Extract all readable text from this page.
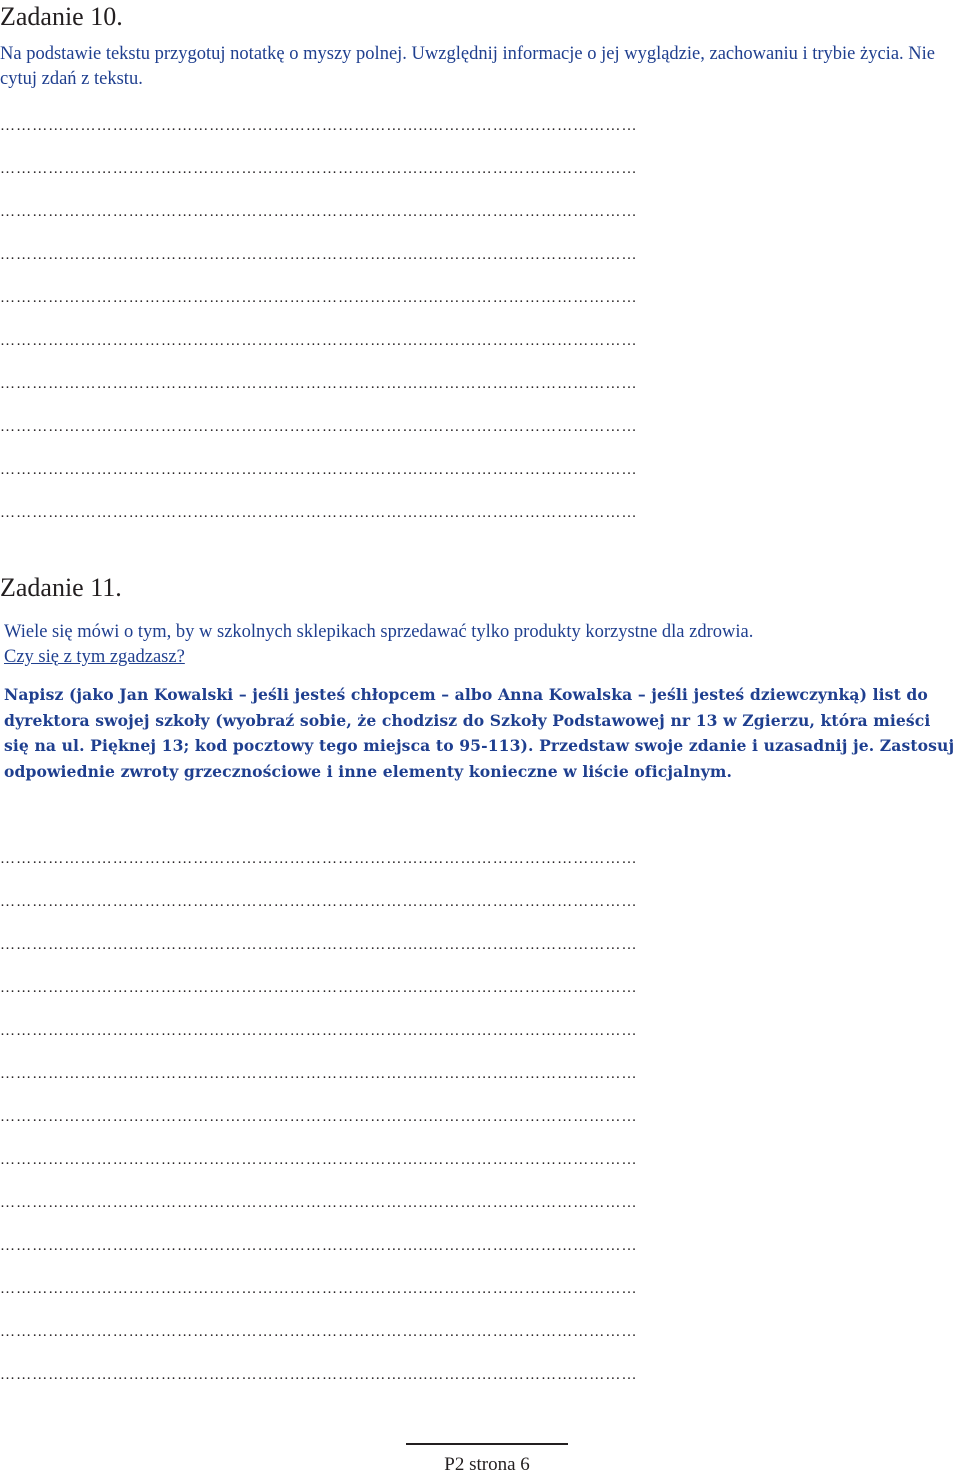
Zadanie 10.

Na podstawie tekstu przygotuj notatkę o myszy polnej. Uwzględnij informacje o jej wyglądzie, zachowaniu i trybie życia. Nie cytuj zdań z tekstu.

……………………………………………………………………..…………………………………
……………………………………………………………………..…………………………………
……………………………………………………………………..…………………………………
……………………………………………………………………..…………………………………
……………………………………………………………………..…………………………………
……………………………………………………………………..…………………………………
……………………………………………………………………..…………………………………
……………………………………………………………………..…………………………………
……………………………………………………………………..…………………………………
……………………………………………………………………..…………………………………
Zadanie 11.

Wiele się mówi o tym, by w szkolnych sklepikach sprzedawać tylko produkty korzystne dla zdrowia.
Czy się z tym zgadzasz?

Napisz (jako Jan Kowalski – jeśli jesteś chłopcem – albo Anna Kowalska – jeśli jesteś dziewczynką) list do dyrektora swojej szkoły (wyobraź sobie, że chodzisz do Szkoły Podstawowej nr 13 w Zgierzu, która mieści się na ul. Pięknej 13; kod pocztowy tego miejsca to 95-113). Przedstaw swoje zdanie i uzasadnij je. Zastosuj odpowiednie zwroty grzecznościowe i inne elementy konieczne w liście oficjalnym.

……………………………………………………………………..…………………………………
……………………………………………………………………..…………………………………
……………………………………………………………………..…………………………………
……………………………………………………………………..…………………………………
……………………………………………………………………..…………………………………
……………………………………………………………………..…………………………………
……………………………………………………………………..…………………………………
……………………………………………………………………..…………………………………
……………………………………………………………………..…………………………………
……………………………………………………………………..…………………………………
……………………………………………………………………..…………………………………
……………………………………………………………………..…………………………………
……………………………………………………………………..…………………………………
P2 strona 6
